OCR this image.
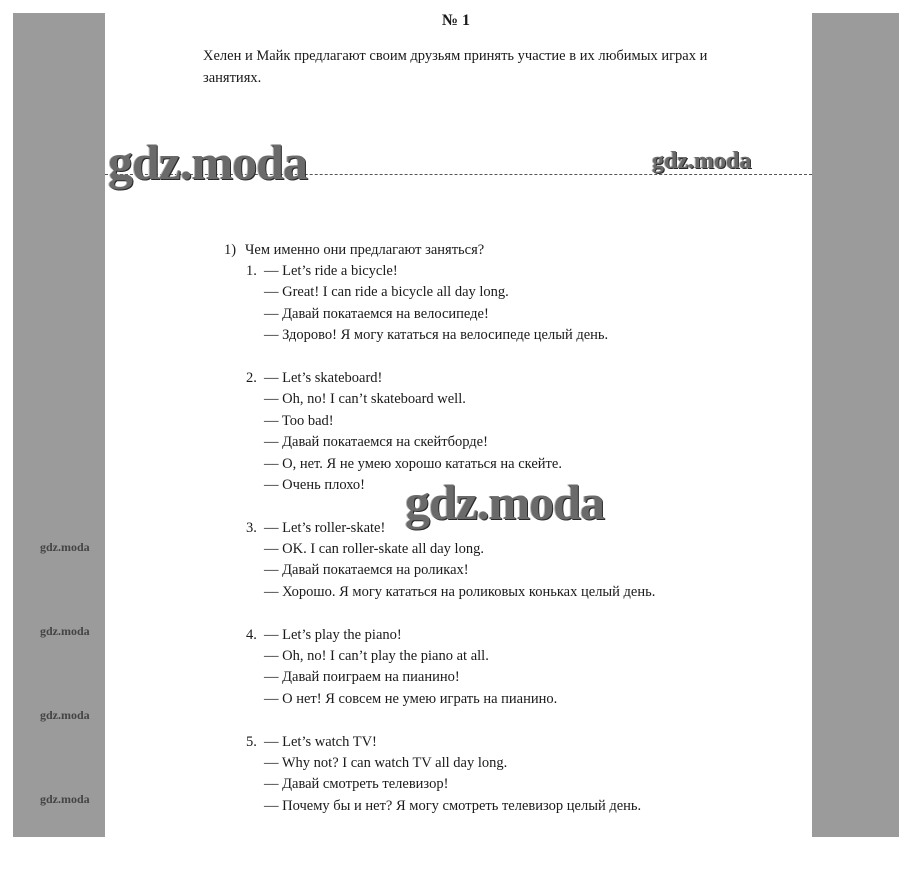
gdz.moda
gdz.moda
gdz.moda
gdz.moda
№ 1
Хелен и Майк предлагают своим друзьям принять участие в их любимых играх и занятиях.
gdz.moda	gdz.moda
1) Чем именно они предлагают заняться?
1. — Let’s ride a bicycle!
— Great! I can ride a bicycle all day long.
— Давай покатаемся на велосипеде!
— Здорово! Я могу кататься на велосипеде целый день.
2. — Let’s skateboard!
— Oh, no! I can’t skateboard well.
— Too bad!
— Давай покатаемся на скейтборде!
— О, нет. Я не умею хорошо кататься на скейте.
— Очень плохо!
3. — Let’s roller-skate!
— OK. I can roller-skate all day long.
— Давай покатаемся на роликах!
— Хорошо. Я могу кататься на роликовых коньках целый день.
4. — Let’s play the piano!
— Oh, no! I can’t play the piano at all.
— Давай поиграем на пианино!
— О нет! Я совсем не умею играть на пианино.
5. — Let’s watch TV!
— Why not? I can watch TV all day long.
— Давай смотреть телевизор!
— Почему бы и нет? Я могу смотреть телевизор целый день.
gdz.moda
